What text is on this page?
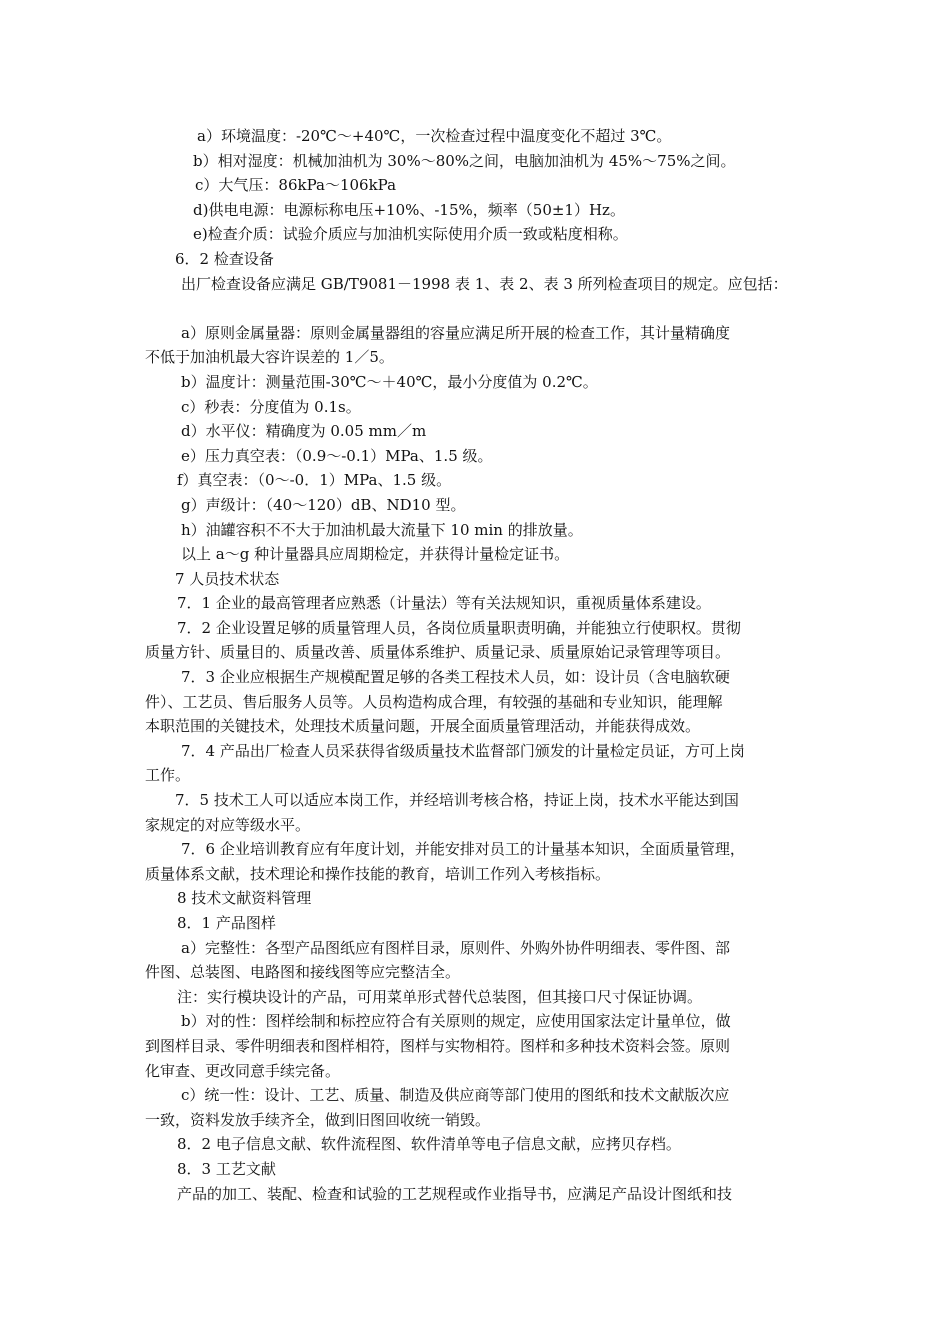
a）环境温度：-20℃～+40℃，一次检查过程中温度变化不超过 3℃。
b）相对湿度：机械加油机为 30%～80%之间，电脑加油机为 45%～75%之间。
c）大气压：86kPa～106kPa
d)供电电源：电源标称电压+10%、-15%，频率（50±1）Hz。
e)检查介质：试验介质应与加油机实际使用介质一致或粘度相称。
6．2 检查设备
出厂检查设备应满足 GB/T9081－1998 表 1、表 2、表 3 所列检查项目的规定。应包括：
a）原则金属量器：原则金属量器组的容量应满足所开展的检查工作，其计量精确度
不低于加油机最大容许误差的 1／5。
b）温度计：测量范围-30℃～＋40℃，最小分度值为 0.2℃。
c）秒表：分度值为 0.1s。
d）水平仪：精确度为 0.05 mm／m
e）压力真空表：（0.9～-0.1）MPa、1.5 级。
f）真空表：（0～-0．1）MPa、1.5 级。
g）声级计：（40～120）dB、ND10 型。
h）油罐容积不不大于加油机最大流量下 10 min 的排放量。
以上 a～g 种计量器具应周期检定，并获得计量检定证书。
7 人员技术状态
7．1 企业的最高管理者应熟悉（计量法）等有关法规知识，重视质量体系建设。
7．2 企业设置足够的质量管理人员，各岗位质量职责明确，并能独立行使职权。贯彻
质量方针、质量目的、质量改善、质量体系维护、质量记录、质量原始记录管理等项目。
7．3 企业应根据生产规模配置足够的各类工程技术人员，如：设计员（含电脑软硬
件）、工艺员、售后服务人员等。人员构造构成合理，有较强的基础和专业知识，能理解
本职范围的关键技术，处理技术质量问题，开展全面质量管理活动，并能获得成效。
7．4 产品出厂检查人员采获得省级质量技术监督部门颁发的计量检定员证，方可上岗
工作。
7．5 技术工人可以适应本岗工作，并经培训考核合格，持证上岗，技术水平能达到国
家规定的对应等级水平。
7．6 企业培训教育应有年度计划，并能安排对员工的计量基本知识，全面质量管理，
质量体系文献，技术理论和操作技能的教育，培训工作列入考核指标。
8 技术文献资料管理
8．1 产品图样
a）完整性：各型产品图纸应有图样目录，原则件、外购外协件明细表、零件图、部
件图、总装图、电路图和接线图等应完整洁全。
注：实行模块设计的产品，可用菜单形式替代总装图，但其接口尺寸保证协调。
b）对的性：图样绘制和标控应符合有关原则的规定，应使用国家法定计量单位，做
到图样目录、零件明细表和图样相符，图样与实物相符。图样和多种技术资料会签。原则
化审查、更改同意手续完备。
c）统一性：设计、工艺、质量、制造及供应商等部门使用的图纸和技术文献版次应
一致，资料发放手续齐全，做到旧图回收统一销毁。
8．2 电子信息文献、软件流程图、软件清单等电子信息文献，应拷贝存档。
8．3 工艺文献
产品的加工、装配、检查和试验的工艺规程或作业指导书，应满足产品设计图纸和技
